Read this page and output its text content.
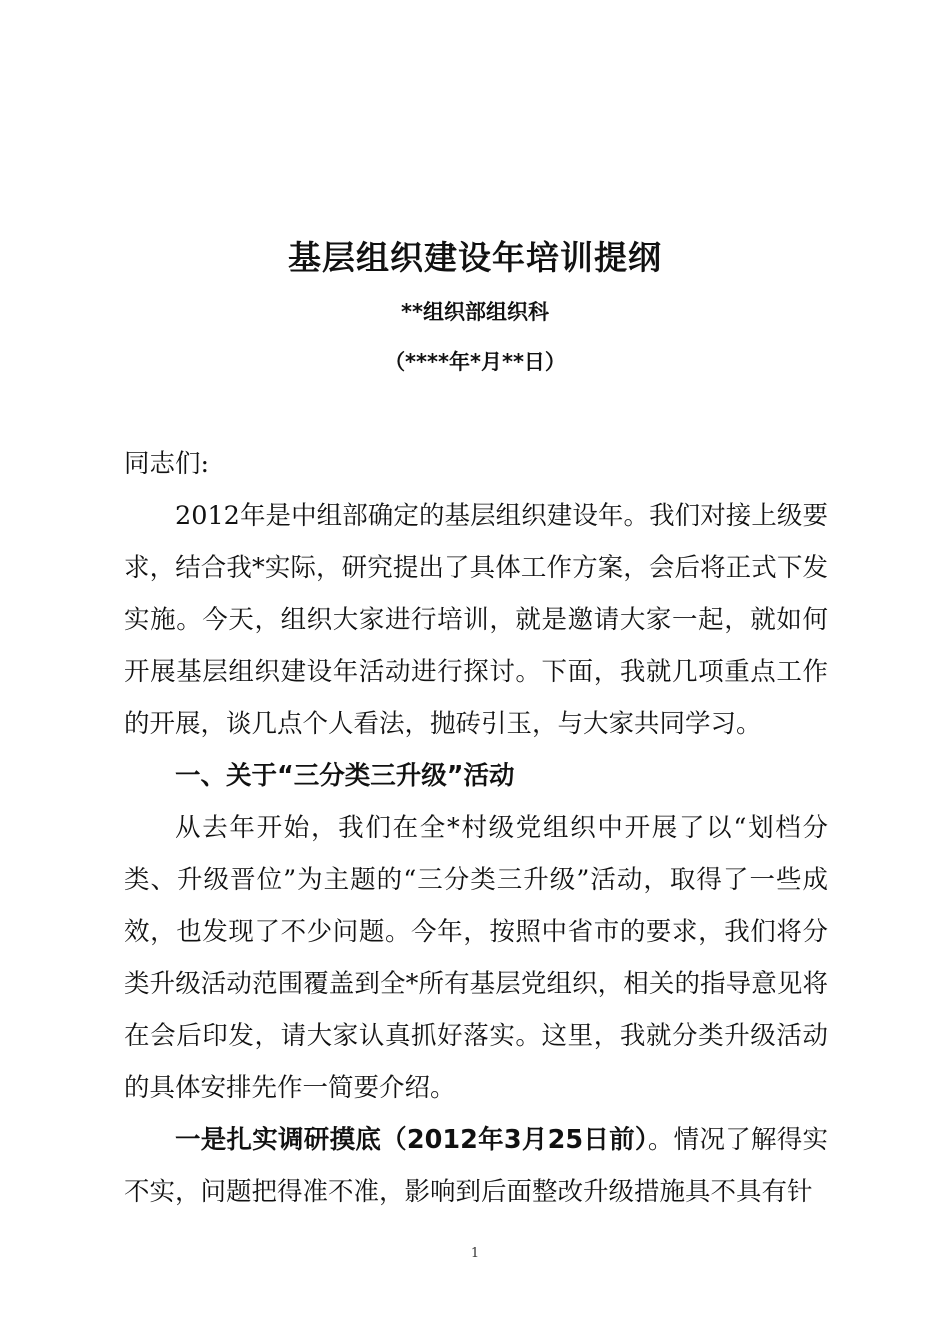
基层组织建设年培训提纲
**组织部组织科
（****年*月**日）

同志们:

2012年是中组部确定的基层组织建设年。我们对接上级要求，结合我*实际，研究提出了具体工作方案，会后将正式下发实施。今天，组织大家进行培训，就是邀请大家一起，就如何开展基层组织建设年活动进行探讨。下面，我就几项重点工作的开展，谈几点个人看法，抛砖引玉，与大家共同学习。

一、关于“三分类三升级”活动

从去年开始，我们在全*村级党组织中开展了以“划档分类、升级晋位”为主题的“三分类三升级”活动，取得了一些成效，也发现了不少问题。今年，按照中省市的要求，我们将分类升级活动范围覆盖到全*所有基层党组织，相关的指导意见将在会后印发，请大家认真抓好落实。这里，我就分类升级活动的具体安排先作一简要介绍。

一是扎实调研摸底（2012年3月25日前）。情况了解得实不实，问题把得准不准，影响到后面整改升级措施具不具有针

1
